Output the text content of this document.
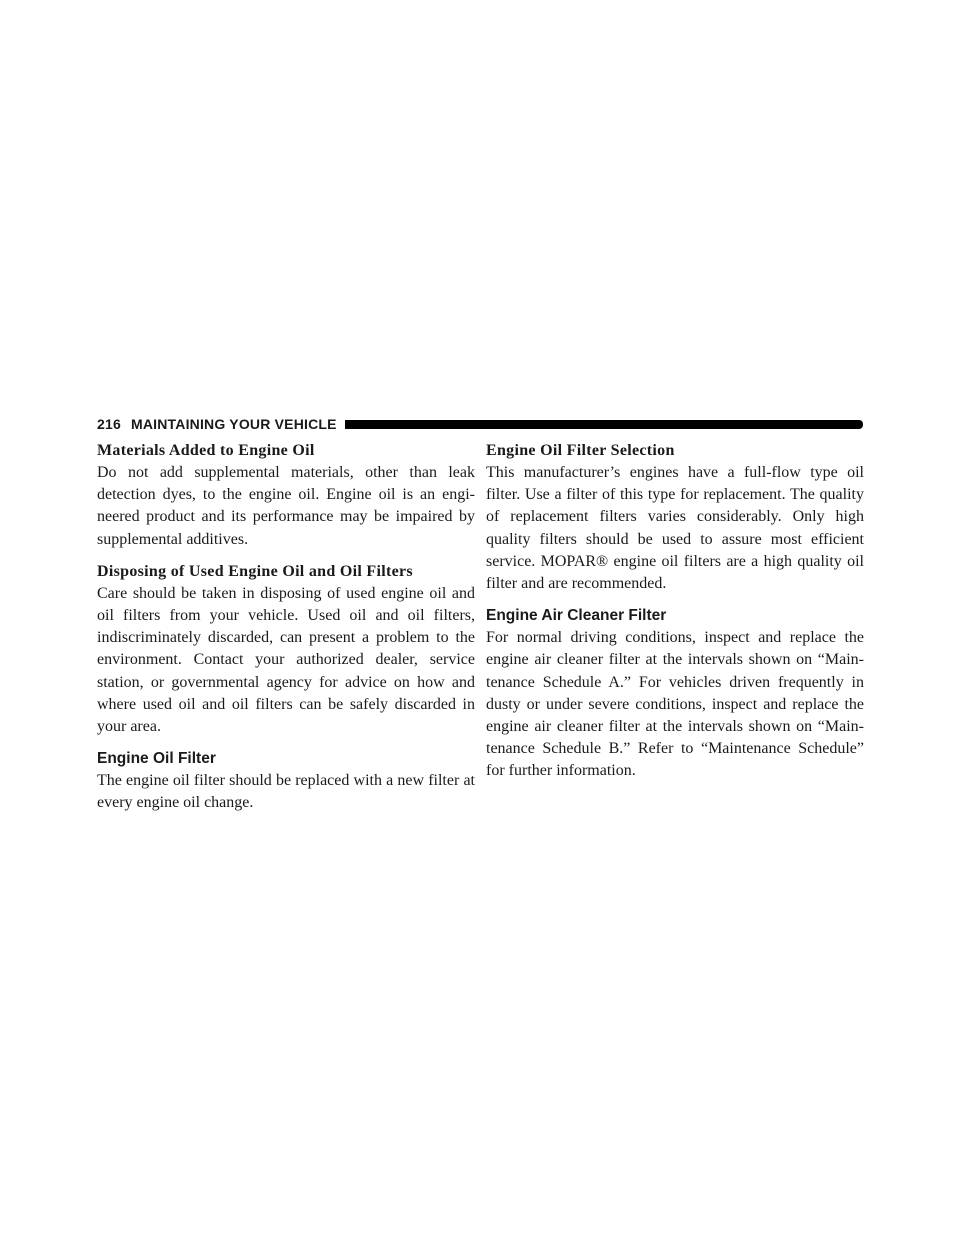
216 MAINTAINING YOUR VEHICLE
Materials Added to Engine Oil

Do not add supplemental materials, other than leak detection dyes, to the engine oil. Engine oil is an engi-neered product and its performance may be impaired by supplemental additives.

Disposing of Used Engine Oil and Oil Filters

Care should be taken in disposing of used engine oil and oil filters from your vehicle. Used oil and oil filters, indiscriminately discarded, can present a problem to the environment. Contact your authorized dealer, service station, or governmental agency for advice on how and where used oil and oil filters can be safely discarded in your area.

Engine Oil Filter

The engine oil filter should be replaced with a new filter at every engine oil change.

Engine Oil Filter Selection

This manufacturer’s engines have a full-flow type oil filter. Use a filter of this type for replacement. The quality of replacement filters varies considerably. Only high quality filters should be used to assure most efficient service. MOPAR® engine oil filters are a high quality oil filter and are recommended.

Engine Air Cleaner Filter

For normal driving conditions, inspect and replace the engine air cleaner filter at the intervals shown on “Main-tenance Schedule A.” For vehicles driven frequently in dusty or under severe conditions, inspect and replace the engine air cleaner filter at the intervals shown on “Main-tenance Schedule B.” Refer to “Maintenance Schedule” for further information.
